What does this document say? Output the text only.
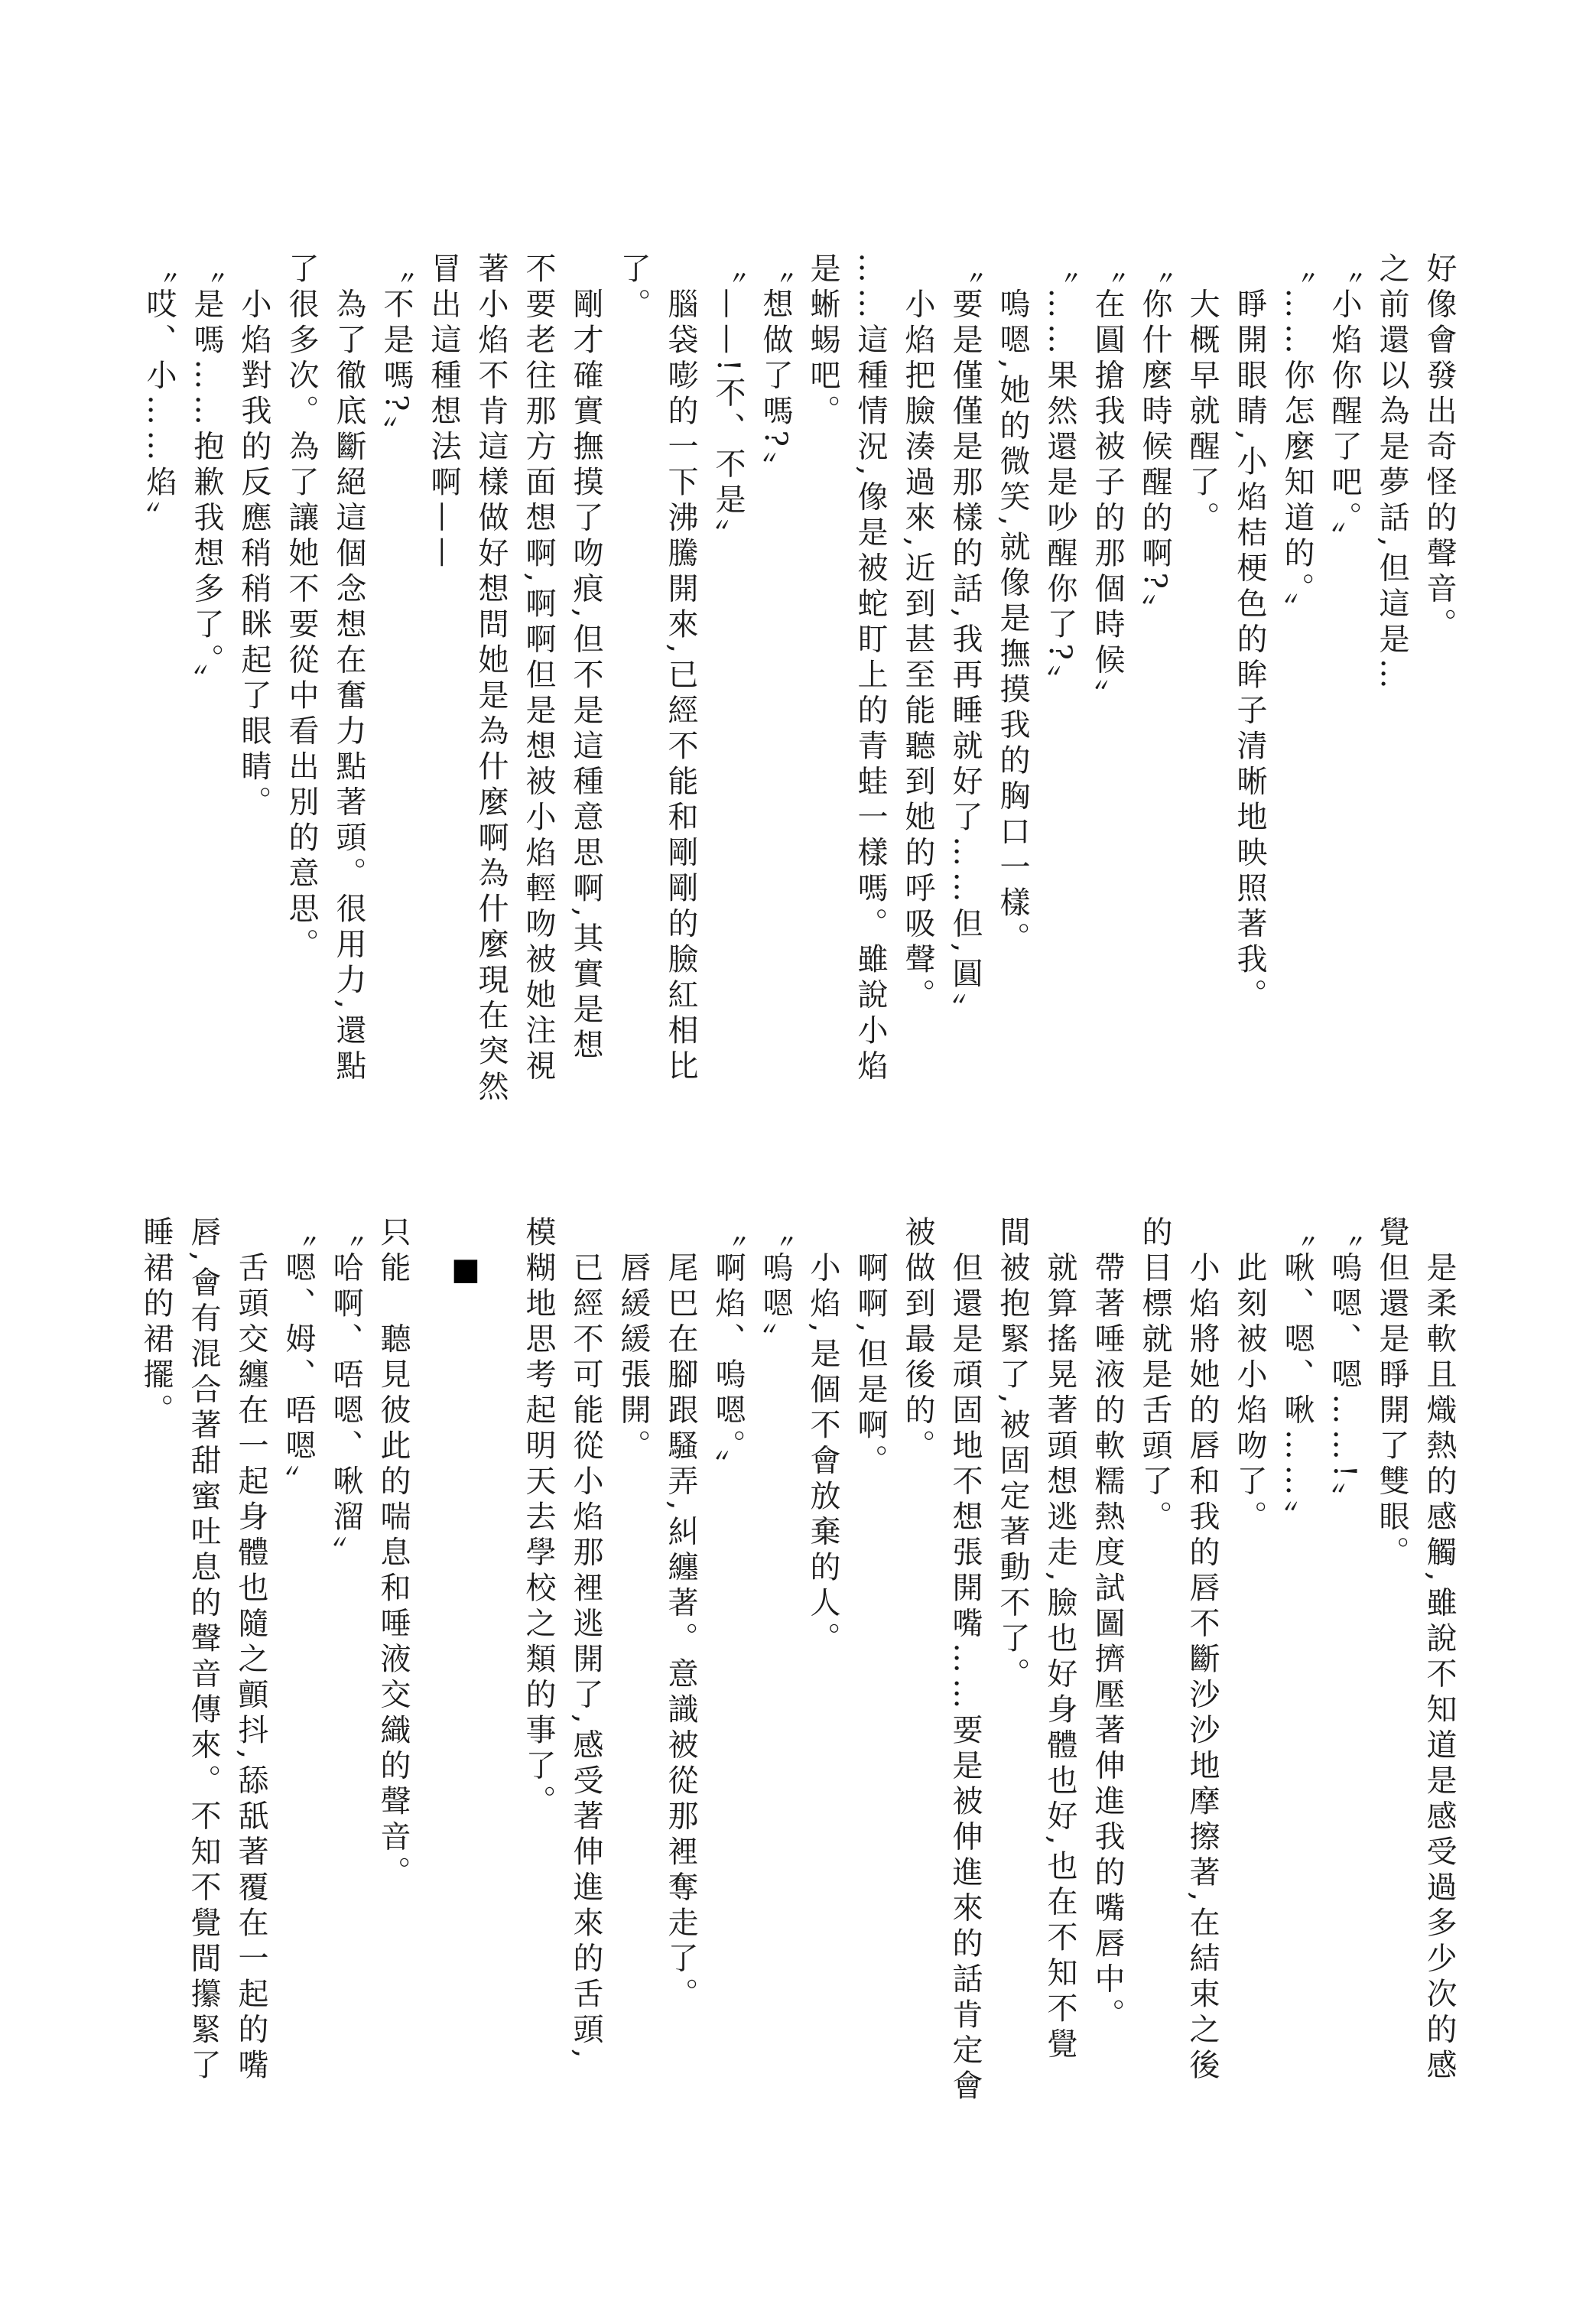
好像會發出奇怪的聲音。

之前還以為是夢話,但這是…

〝小焰你醒了吧。〟

〝……你怎麼知道的。〟

　睜開眼睛,小焰桔梗色的眸子清晰地映照著我。

　大概早就醒了。

〝你什麼時候醒的啊?〟

〝在圓搶我被子的那個時候〟

〝……果然還是吵醒你了?〟

　嗚嗯,她的微笑,就像是撫摸我的胸口一樣。

〝要是僅僅是那樣的話,我再睡就好了……但,圓〟

　小焰把臉湊過來,近到甚至能聽到她的呼吸聲。

……這種情況,像是被蛇盯上的青蛙一樣嗎。雖說小焰

是蜥蜴吧。

〝想做了嗎?〟

〝——!不、不是〟

　腦袋嘭的一下沸騰開來,已經不能和剛剛的臉紅相比

了。

　剛才確實撫摸了吻痕,但不是這種意思啊,其實是想

不要老往那方面想啊,啊啊但是想被小焰輕吻被她注視

著小焰不肯這樣做好想問她是為什麼啊為什麼現在突然

冒出這種想法啊——

〝不是嗎?〟

　為了徹底斷絕這個念想在奮力點著頭。很用力,還點

了很多次。為了讓她不要從中看出別的意思。

　小焰對我的反應稍稍眯起了眼睛。

〝是嗎……抱歉我想多了。〟

〝哎、小……焰〟

　是柔軟且熾熱的感觸,雖說不知道是感受過多少次的感

覺但還是睜開了雙眼。

〝嗚嗯、嗯……!〟

〝啾、嗯、啾……〟

　此刻被小焰吻了。

　小焰將她的唇和我的唇不斷沙沙地摩擦著,在結束之後

的目標就是舌頭了。

　帶著唾液的軟糯熱度試圖擠壓著伸進我的嘴唇中。

　就算搖晃著頭想逃走,臉也好身體也好,也在不知不覺

間被抱緊了,被固定著動不了。

　但還是頑固地不想張開嘴……要是被伸進來的話肯定會

被做到最後的。

　啊啊,但是啊。

　小焰,是個不會放棄的人。

〝嗚嗯〟

〝啊焰、嗚嗯。〟

　尾巴在腳跟騷弄,糾纏著。意識被從那裡奪走了。

　唇緩緩張開。

　已經不可能從小焰那裡逃開了,感受著伸進來的舌頭,

模糊地思考起明天去學校之類的事了。

■

只能　聽見彼此的喘息和唾液交織的聲音。

〝哈啊、唔嗯、啾溜〟

〝嗯、姆、唔嗯〟

　舌頭交纏在一起身體也隨之顫抖,舔舐著覆在一起的嘴

唇,會有混合著甜蜜吐息的聲音傳來。不知不覺間攥緊了

睡裙的裙擺。
